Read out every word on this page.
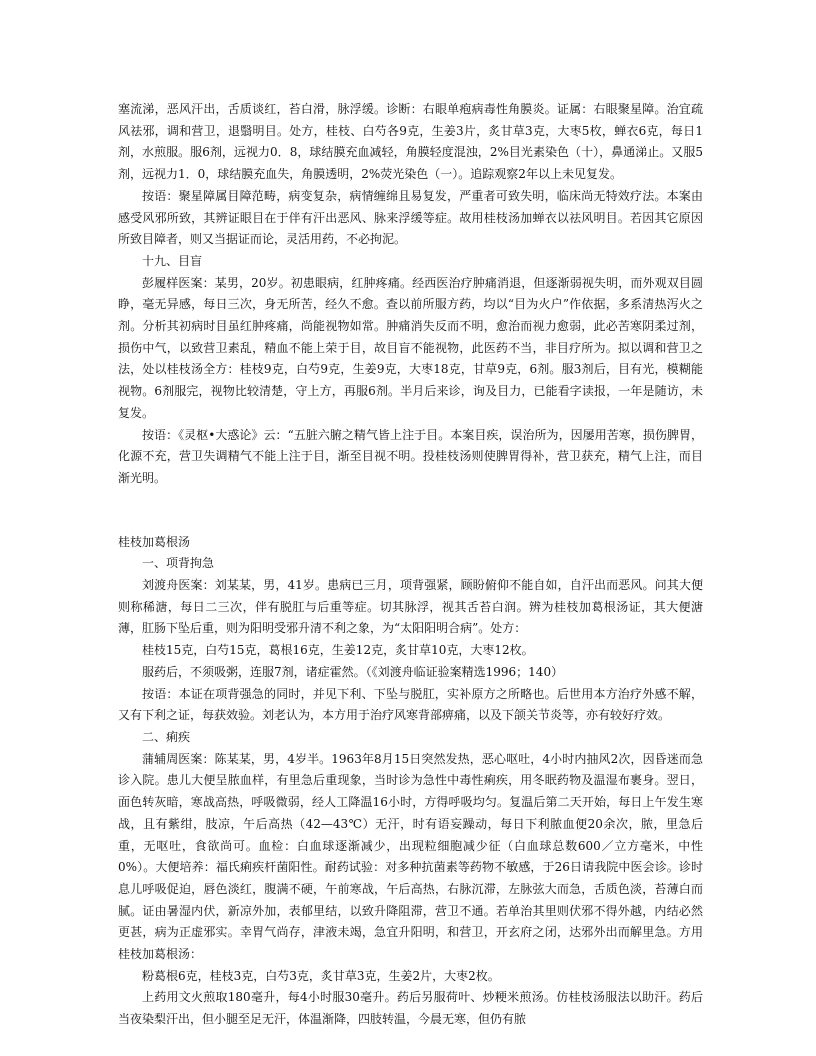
塞流涕，恶风汗出，舌质谈红，苔白滑，脉浮缓。诊断：右眼单疱病毒性角膜炎。证属：右眼聚星障。治宜疏风祛邪，调和营卫，退翳明目。处方，桂枝、白芍各9克，生姜3片，炙甘草3克，大枣5枚，蝉衣6克，每日1剂，水煎服。服6剂，远视力0．8，球结膜充血减轻，角膜轻度混浊，2%目光素染色（十），鼻通涕止。又服5剂，远视力1．0，球结膜充血失，角膜透明，2%荧光染色（一）。追踪观察2年以上未见复发。

按语：聚星障属目障范畴，病变复杂，病情缠绵且易复发，严重者可致失明，临床尚无特效疗法。本案由感受风邪所致，其辨证眼目在于伴有汗出恶风、脉来浮缓等症。故用桂枝汤加蝉衣以祛风明目。若因其它原因所致目障者，则又当据证而论，灵活用药，不必拘泥。

十九、目盲

彭履样医案：某男，20岁。初患眼病，红肿疼痛。经西医治疗肿痛消退，但逐渐弱视失明，而外观双目圆睁，毫无异感，每日三次，身无所苦，经久不愈。查以前所服方药，均以“目为火户”作依据，多系清热泻火之剂。分析其初病时目虽红肿疼痛，尚能视物如常。肿痛消失反而不明，愈治而视力愈弱，此必苦寒阴柔过剂，损伤中气，以致营卫素乱，精血不能上荣于目，故目盲不能视物，此医药不当，非目疗所为。拟以调和营卫之法，处以桂枝汤全方：桂枝9克，白芍9克，生姜9克，大枣18克，甘草9克，6剂。服3剂后，目有光，模糊能视物。6剂服完，视物比较清楚，守上方，再服6剂。半月后来诊，询及目力，已能看字读报，一年是随访，未复发。

按语：《灵枢•大惑论》云：“五脏六腑之精气皆上注于目。本案目疾，误治所为，因屡用苦寒，损伤脾胃，化源不充，营卫失调精气不能上注于目，渐至目视不明。投桂枝汤则使脾胃得补，营卫获充，精气上注，而目渐光明。

桂枝加葛根汤

一、项背拘急

刘渡舟医案：刘某某，男，41岁。患病已三月，项背强紧，顾盼俯仰不能自如，自汗出而恶风。问其大便则称稀溏，每日二三次，伴有脱肛与后重等症。切其脉浮，视其舌苔白润。辨为桂枝加葛根汤证，其大便溏薄，肛肠下坠后重，则为阳明受邪升清不利之象，为“太阳阳明合病”。处方：

桂枝15克，白芍15克，葛根16克，生姜12克，炙甘草10克，大枣12枚。

服药后，不须吸粥，连服7剂，诸症霍然。（《刘渡舟临证验案精选1996；140）

按语：本证在项背强急的同时，并见下利、下坠与脱肛，实补原方之所略也。后世用本方治疗外感不解，又有下利之证，每获效验。刘老认为，本方用于治疗风寒背部痹痛，以及下颌关节炎等，亦有较好疗效。

二、痢疾

蒲辅周医案：陈某某，男，4岁半。1963年8月15日突然发热，恶心呕吐，4小时内抽风2次，因昏迷而急诊入院。患儿大便呈脓血样，有里急后重现象，当时诊为急性中毒性痢疾，用冬眠药物及温湿布裹身。翌日，面色转灰暗，寒战高热，呼吸微弱，经人工降温16小时，方得呼吸均匀。复温后第二天开始，每日上午发生寒战，且有紫绀，肢凉，午后高热（42—43℃）无汗，时有语妄躁动，每日下利脓血便20余次，脓，里急后重，无呕吐，食欲尚可。血检：白血球逐渐减少，出现粒细胞减少征（白血球总数600／立方毫米，中性0%）。大便培养：福氏痢疾杆菌阳性。耐药试验：对多种抗菌素等药物不敏感，于26日请我院中医会诊。诊时息儿呼吸促迫，唇色淡红，腹满不硬，午前寒战，午后高热，右脉沉滞，左脉弦大而急，舌质色淡，苔薄白而腻。证由暑湿内伏，新凉外加，表郁里结，以致升降阻滞，营卫不通。若单治其里则伏邪不得外越，内结必然更甚，病为正虚邪实。幸胃气尚存，津液未竭，急宜升阳明，和营卫，开玄府之闭，达邪外出而解里急。方用桂枝加葛根汤：

粉葛根6克，桂枝3克，白芍3克，炙甘草3克，生姜2片，大枣2枚。

上药用文火煎取180毫升，每4小时服30毫升。药后另服荷叶、炒粳米煎汤。仿桂枝汤服法以助汗。药后当夜染梨汗出，但小腿至足无汗，体温渐降，四肢转温，今晨无寒，但仍有脓
